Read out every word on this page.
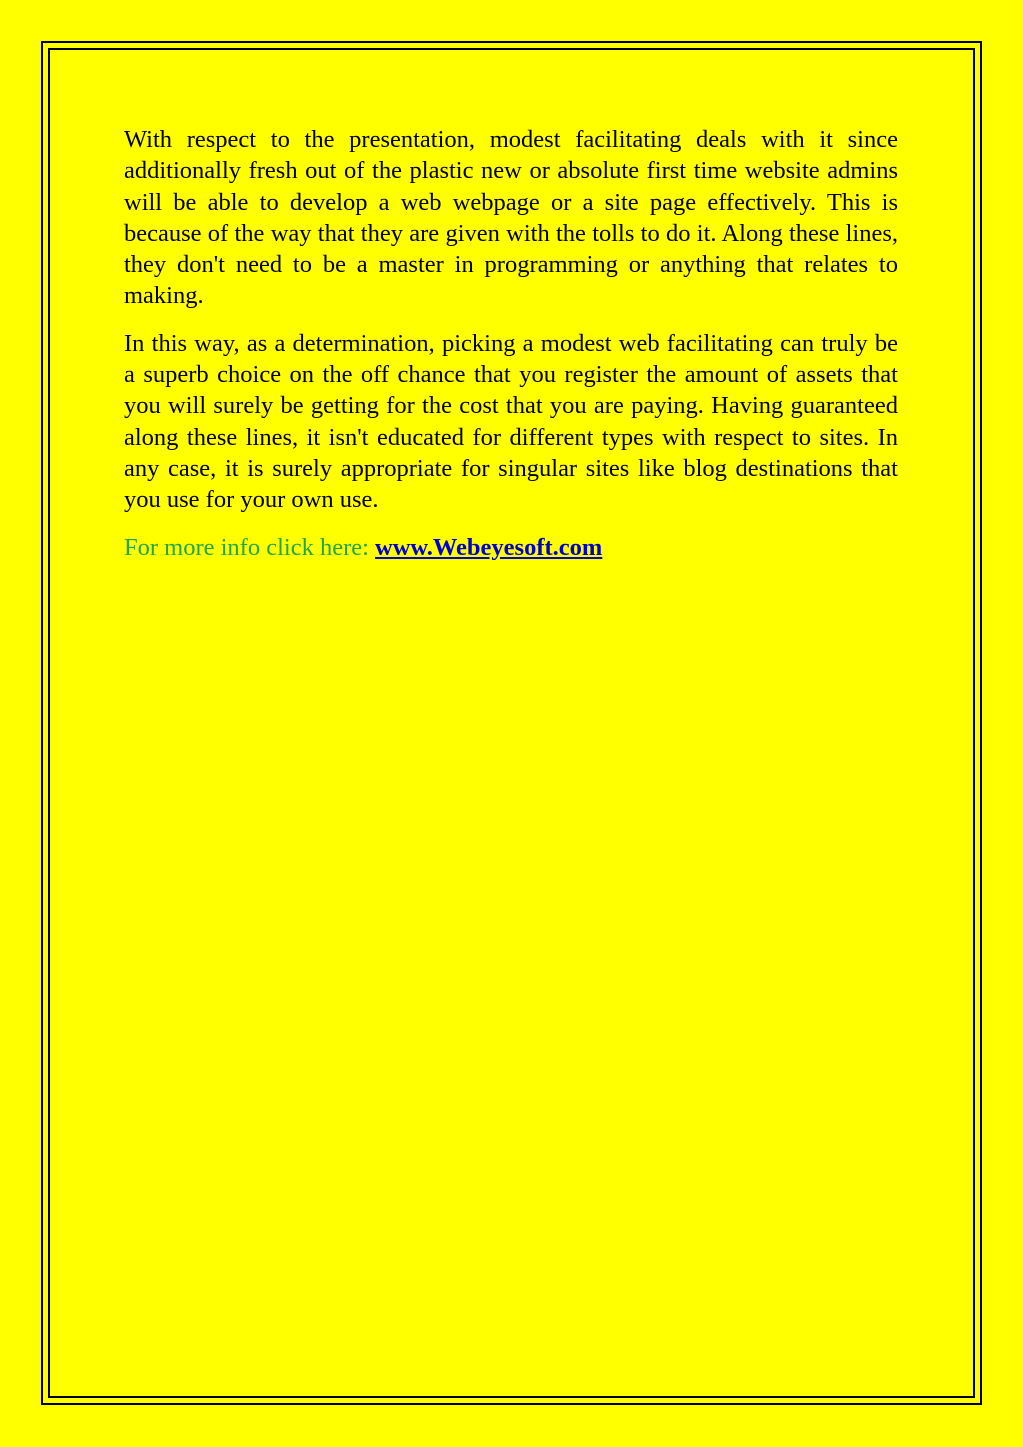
With respect to the presentation, modest facilitating deals with it since additionally fresh out of the plastic new or absolute first time website admins will be able to develop a web webpage or a site page effectively. This is because of the way that they are given with the tolls to do it. Along these lines, they don't need to be a master in programming or anything that relates to making.

In this way, as a determination, picking a modest web facilitating can truly be a superb choice on the off chance that you register the amount of assets that you will surely be getting for the cost that you are paying. Having guaranteed along these lines, it isn't educated for different types with respect to sites. In any case, it is surely appropriate for singular sites like blog destinations that you use for your own use.

For more info click here: www.Webeyesoft.com
